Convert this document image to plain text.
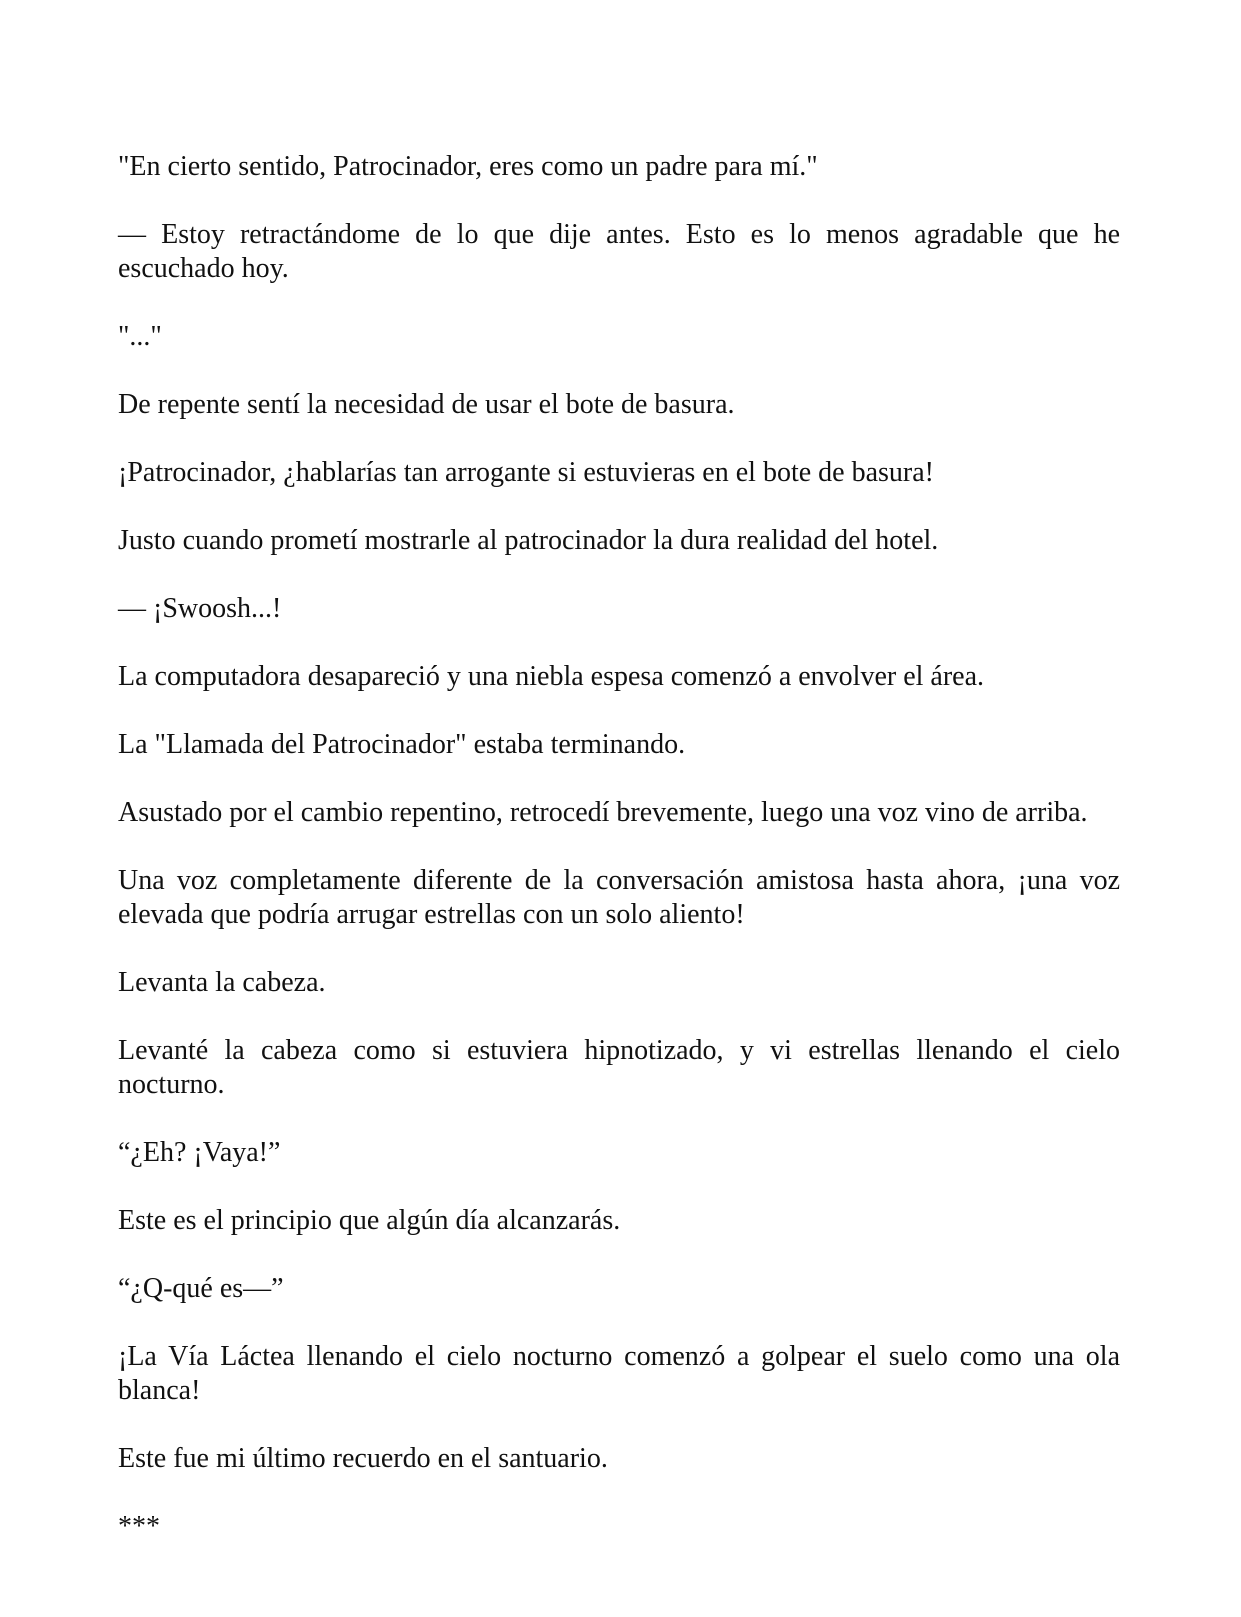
"En cierto sentido, Patrocinador, eres como un padre para mí."

— Estoy retractándome de lo que dije antes. Esto es lo menos agradable que he escuchado hoy.

"..."

De repente sentí la necesidad de usar el bote de basura.

¡Patrocinador, ¿hablarías tan arrogante si estuvieras en el bote de basura!

Justo cuando prometí mostrarle al patrocinador la dura realidad del hotel.

— ¡Swoosh...!

La computadora desapareció y una niebla espesa comenzó a envolver el área.

La "Llamada del Patrocinador" estaba terminando.

Asustado por el cambio repentino, retrocedí brevemente, luego una voz vino de arriba.

Una voz completamente diferente de la conversación amistosa hasta ahora, ¡una voz elevada que podría arrugar estrellas con un solo aliento!

Levanta la cabeza.

Levanté la cabeza como si estuviera hipnotizado, y vi estrellas llenando el cielo nocturno.

“¿Eh? ¡Vaya!”

Este es el principio que algún día alcanzarás.

“¿Q-qué es—”

¡La Vía Láctea llenando el cielo nocturno comenzó a golpear el suelo como una ola blanca!

Este fue mi último recuerdo en el santuario.

***
